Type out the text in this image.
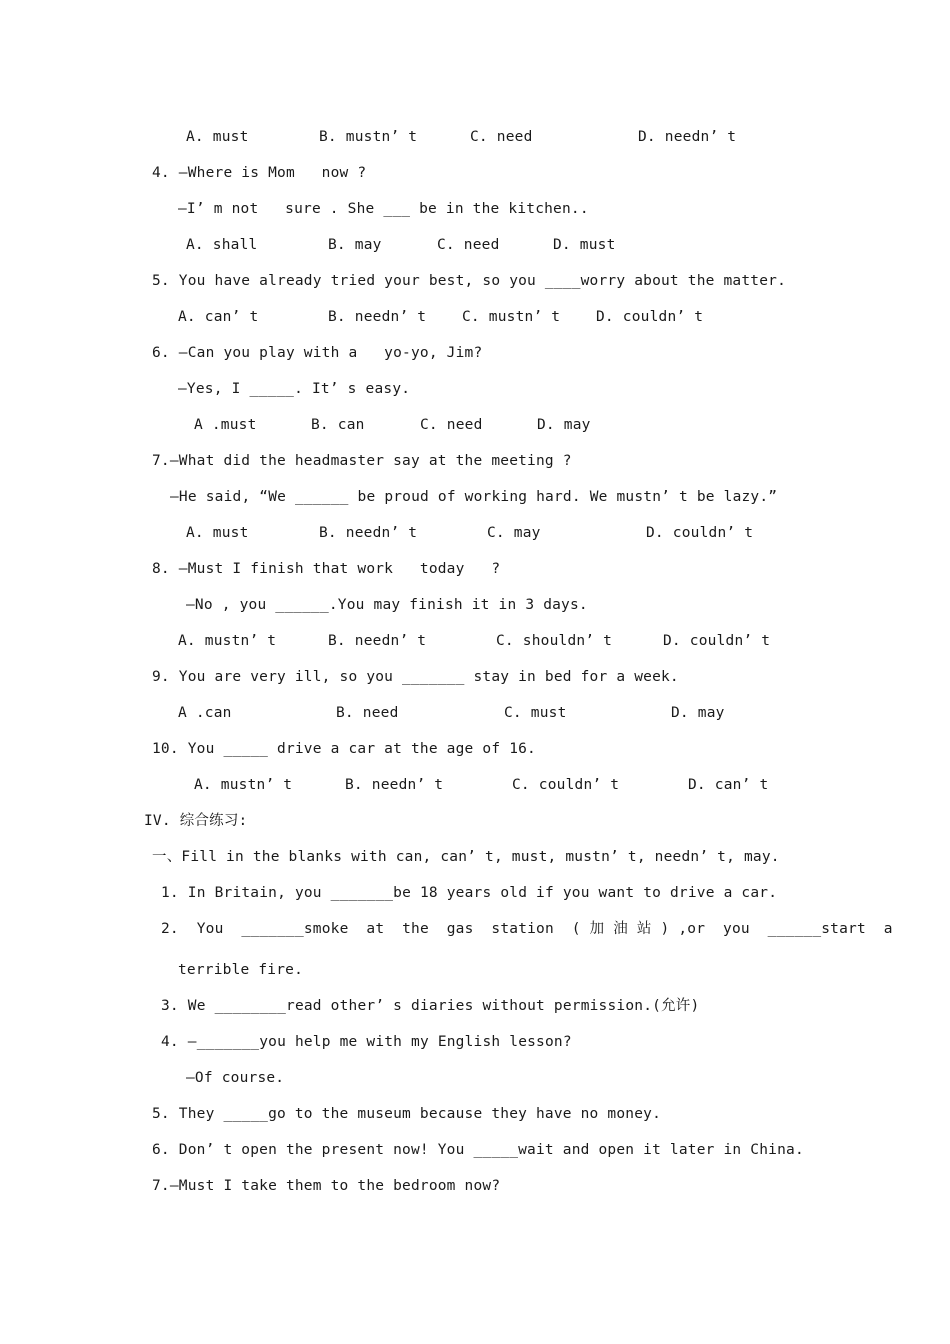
A. must	B. mustn’ t	C. need	D. needn’ t
4. —Where is Mom   now ?
—I’ m not   sure . She ___ be in the kitchen..
A. shall	B. may	C. need	D. must
5. You have already tried your best, so you ____worry about the matter.
A. can’ t	B. needn’ t C. mustn’ t D. couldn’ t
6. —Can you play with a   yo-yo, Jim?
—Yes, I _____. It’ s easy.
A .must	B. can	C. need	D. may
7.—What did the headmaster say at the meeting ?
—He said, “We ______ be proud of working hard. We mustn’ t be lazy.”
A. must	B. needn’ t	C. may	D. couldn’ t
8. —Must I finish that work   today   ?
—No , you ______.You may finish it in 3 days.
A. mustn’ t	B. needn’ t	C. shouldn’ t	D. couldn’ t
9. You are very ill, so you _______ stay in bed for a week.
A .can	B. need	C. must	D. may
10. You _____ drive a car at the age of 16.
A. mustn’ t	B. needn’ t	C. couldn’ t	D. can’ t
IV. 综合练习:
一、Fill in the blanks with can, can’ t, must, mustn’ t, needn’ t, may.
1. In Britain, you _______be 18 years old if you want to drive a car.
2.  You  _______smoke  at  the  gas  station  ( 加 油 站 ) ,or  you  ______start  a
terrible fire.
3. We ________read other’ s diaries without permission.(允许)
4. —_______you help me with my English lesson?
—Of course.
5. They _____go to the museum because they have no money.
6. Don’ t open the present now! You _____wait and open it later in China.
7.—Must I take them to the bedroom now?
